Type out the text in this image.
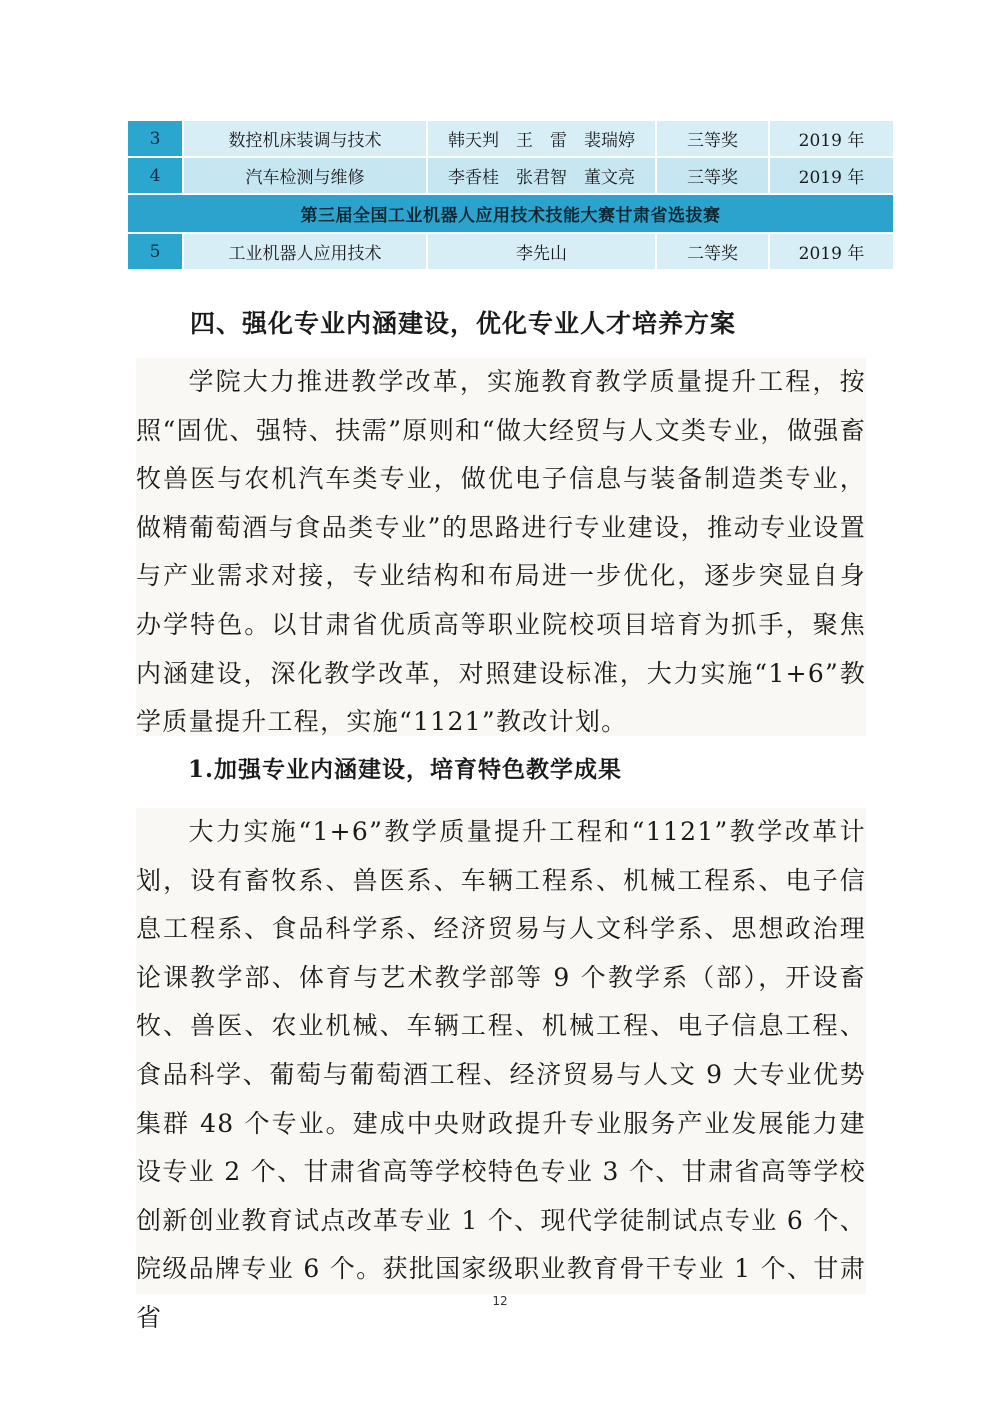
3	数控机床装调与技术	韩天判　王　雷　裴瑞婷	三等奖	2019 年
4	汽车检测与维修	李香桂　张君智　董文亮	三等奖	2019 年
第三届全国工业机器人应用技术技能大赛甘肃省选拔赛				
5	工业机器人应用技术	李先山	二等奖	2019 年
四、强化专业内涵建设，优化专业人才培养方案

学院大力推进教学改革，实施教育教学质量提升工程，按照“固优、强特、扶需”原则和“做大经贸与人文类专业，做强畜牧兽医与农机汽车类专业，做优电子信息与装备制造类专业，做精葡萄酒与食品类专业”的思路进行专业建设，推动专业设置与产业需求对接，专业结构和布局进一步优化，逐步突显自身办学特色。以甘肃省优质高等职业院校项目培育为抓手，聚焦内涵建设，深化教学改革，对照建设标准，大力实施“1+6”教学质量提升工程，实施“1121”教改计划。

1.加强专业内涵建设，培育特色教学成果

大力实施“1+6”教学质量提升工程和“1121”教学改革计划，设有畜牧系、兽医系、车辆工程系、机械工程系、电子信息工程系、食品科学系、经济贸易与人文科学系、思想政治理论课教学部、体育与艺术教学部等 9 个教学系（部），开设畜牧、兽医、农业机械、车辆工程、机械工程、电子信息工程、食品科学、葡萄与葡萄酒工程、经济贸易与人文 9 大专业优势集群 48 个专业。建成中央财政提升专业服务产业发展能力建设专业 2 个、甘肃省高等学校特色专业 3 个、甘肃省高等学校创新创业教育试点改革专业 1 个、现代学徒制试点专业 6 个、院级品牌专业 6 个。获批国家级职业教育骨干专业 1 个、甘肃省

12
